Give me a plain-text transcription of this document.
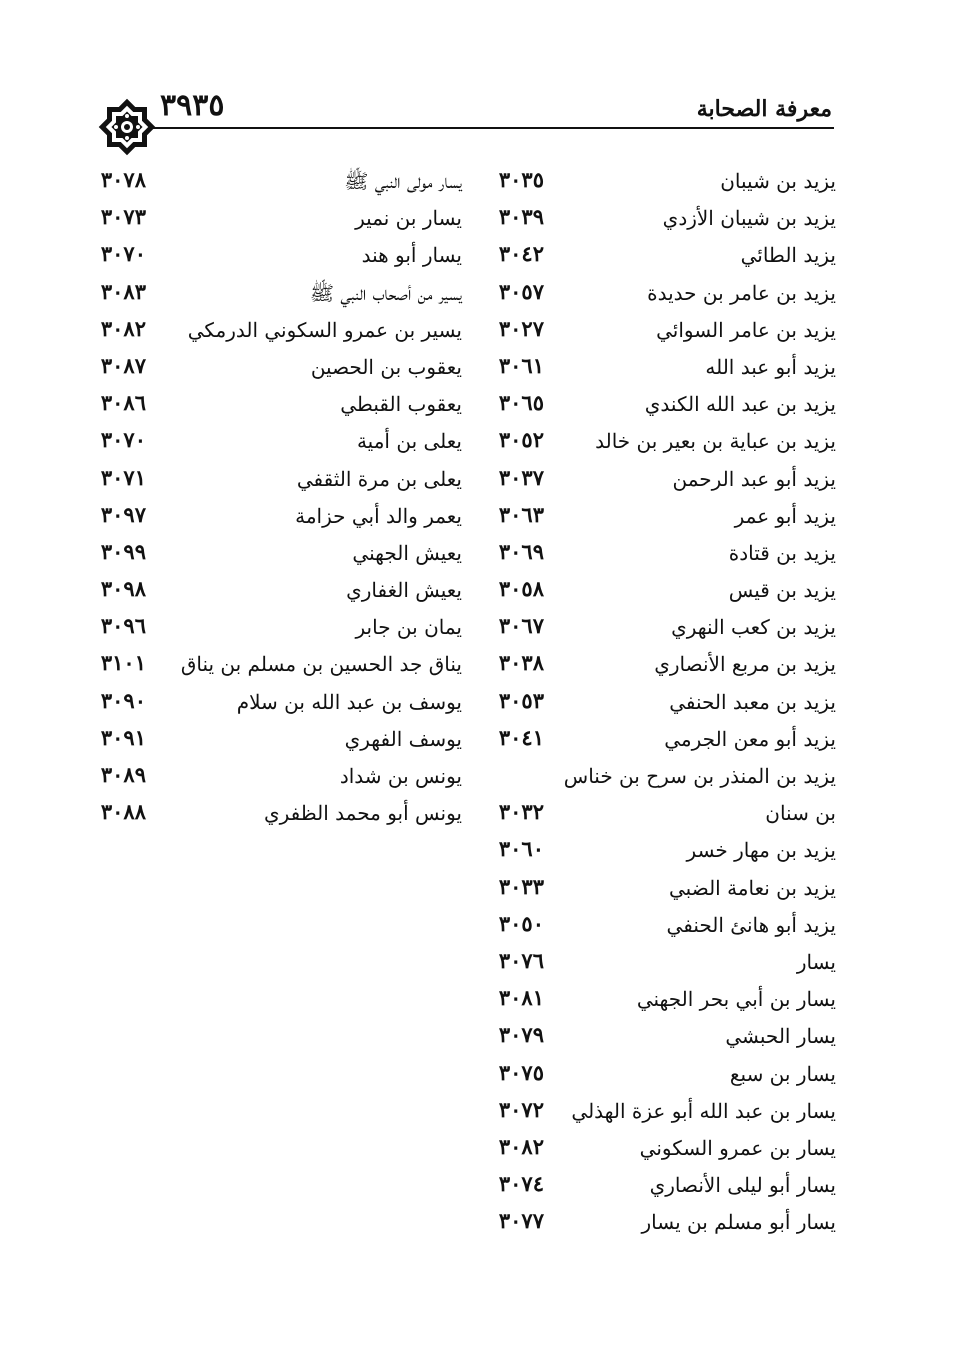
معرفة الصحابة
٣٩٣٥
يزيد بن شيبان
٣٠٣٥
يزيد بن شيبان الأزدي
٣٠٣٩
يزيد الطائي
٣٠٤٢
يزيد بن عامر بن حديدة
٣٠٥٧
يزيد بن عامر السوائي
٣٠٢٧
يزيد أبو عبد الله
٣٠٦١
يزيد بن عبد الله الكندي
٣٠٦٥
يزيد بن عباية بن بعير بن خالد
٣٠٥٢
يزيد أبو عبد الرحمن
٣٠٣٧
يزيد أبو عمر
٣٠٦٣
يزيد بن قتادة
٣٠٦٩
يزيد بن قيس
٣٠٥٨
يزيد بن كعب النهري
٣٠٦٧
يزيد بن مربع الأنصاري
٣٠٣٨
يزيد بن معبد الحنفي
٣٠٥٣
يزيد أبو معن الجرمي
٣٠٤١
يزيد بن المنذر بن سرح بن خناس
بن سنان
٣٠٣٢
يزيد بن مهار خسر
٣٠٦٠
يزيد بن نعامة الضبي
٣٠٣٣
يزيد أبو هانئ الحنفي
٣٠٥٠
يسار
٣٠٧٦
يسار بن أبي بحر الجهني
٣٠٨١
يسار الحبشي
٣٠٧٩
يسار بن سبع
٣٠٧٥
يسار بن عبد الله أبو عزة الهذلي
٣٠٧٢
يسار بن عمرو السكوني
٣٠٨٢
يسار أبو ليلى الأنصاري
٣٠٧٤
يسار أبو مسلم بن يسار
٣٠٧٧
يسار مولى النبي ﷺ
٣٠٧٨
يسار بن نمير
٣٠٧٣
يسار أبو هند
٣٠٧٠
يسير من أصحاب النبي ﷺ
٣٠٨٣
يسير بن عمرو السكوني الدرمكي
٣٠٨٢
يعقوب بن الحصين
٣٠٨٧
يعقوب القبطي
٣٠٨٦
يعلى بن أمية
٣٠٧٠
يعلى بن مرة الثقفي
٣٠٧١
يعمر والد أبي حزامة
٣٠٩٧
يعيش الجهني
٣٠٩٩
يعيش الغفاري
٣٠٩٨
يمان بن جابر
٣٠٩٦
يناق جد الحسين بن مسلم بن يناق
٣١٠١
يوسف بن عبد الله بن سلام
٣٠٩٠
يوسف الفهري
٣٠٩١
يونس بن شداد
٣٠٨٩
يونس أبو محمد الظفري
٣٠٨٨
